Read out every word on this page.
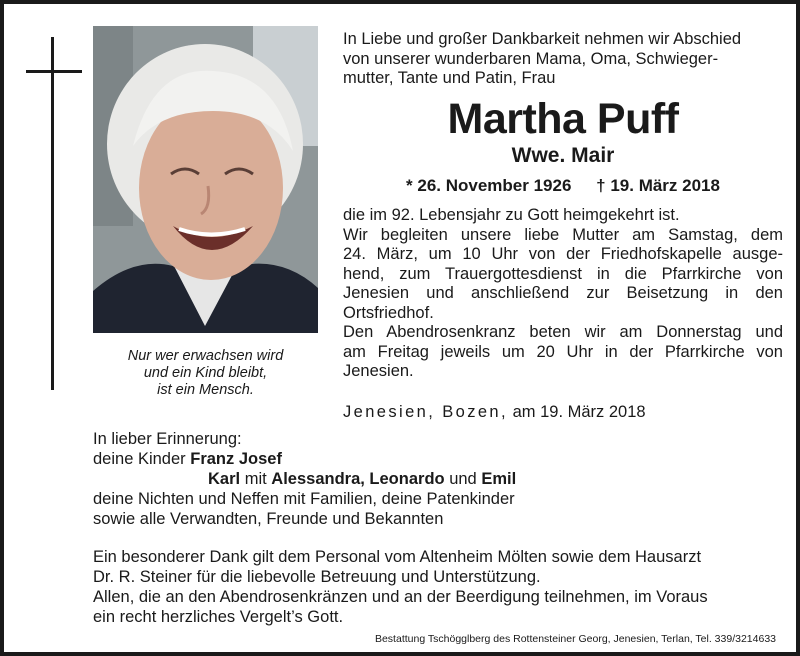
Nur wer erwachsen wird
und ein Kind bleibt,
ist ein Mensch.
In Liebe und großer Dankbarkeit nehmen wir Abschied
von unserer wunderbaren Mama, Oma, Schwieger-
mutter, Tante und Patin, Frau
Martha Puff
Wwe. Mair
* 26. November 1926 † 19. März 2018
die im 92. Lebensjahr zu Gott heimgekehrt ist.
Wir begleiten unsere liebe Mutter am Samstag, dem
24. März, um 10 Uhr von der Friedhofskapelle ausge-
hend, zum Trauergottesdienst in die Pfarrkirche von
Jenesien und anschließend zur Beisetzung in den
Ortsfriedhof.
Den Abendrosenkranz beten wir am Donnerstag und
am Freitag jeweils um 20 Uhr in der Pfarrkirche von
Jenesien.
Jenesien, Bozen, am 19. März 2018
In lieber Erinnerung:
deine Kinder Franz Josef
Karl mit Alessandra, Leonardo und Emil
deine Nichten und Neffen mit Familien, deine Patenkinder
sowie alle Verwandten, Freunde und Bekannten
Ein besonderer Dank gilt dem Personal vom Altenheim Mölten sowie dem Hausarzt
Dr. R. Steiner für die liebevolle Betreuung und Unterstützung.
Allen, die an den Abendrosenkränzen und an der Beerdigung teilnehmen, im Voraus
ein recht herzliches Vergelt’s Gott.
Bestattung Tschögglberg des Rottensteiner Georg, Jenesien, Terlan, Tel. 339/3214633
